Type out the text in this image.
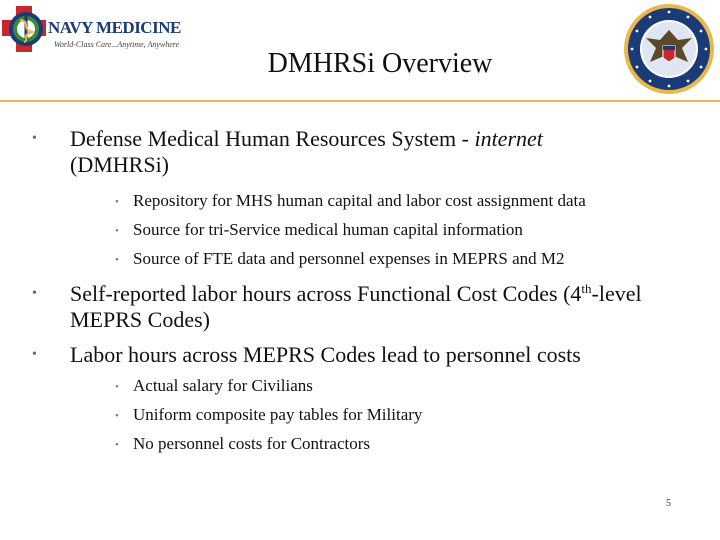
NAVY MEDICINE
World-Class Care...Anytime, Anywhere
DMHRSi Overview
• Defense Medical Human Resources System - internet
(DMHRSi)
• Repository for MHS human capital and labor cost assignment data
• Source for tri-Service medical human capital information
• Source of FTE data and personnel expenses in MEPRS and M2
• Self-reported labor hours across Functional Cost Codes (4th-level
MEPRS Codes)
• Labor hours across MEPRS Codes lead to personnel costs
• Actual salary for Civilians
• Uniform composite pay tables for Military
• No personnel costs for Contractors
5
